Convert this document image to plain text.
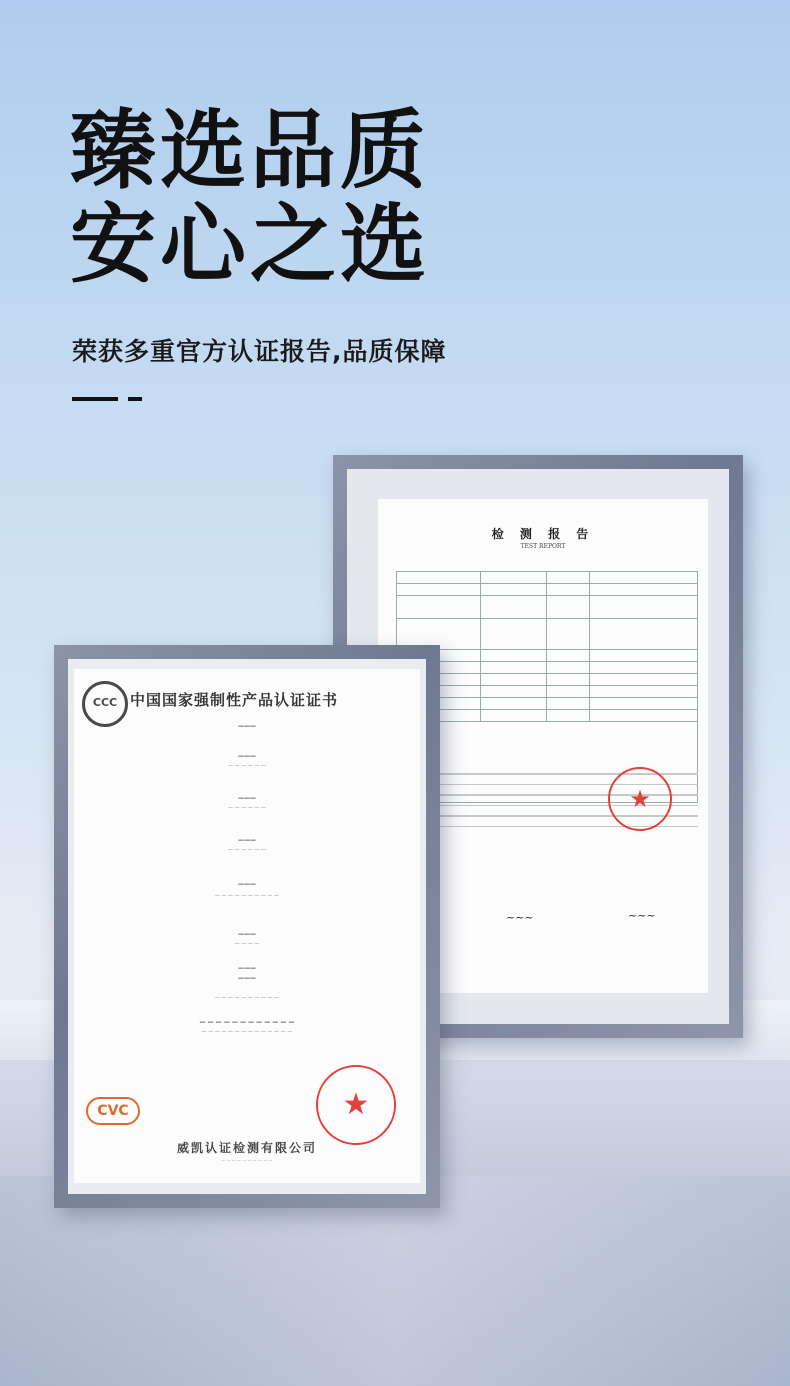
臻选品质
安心之选
荣获多重官方认证报告,品质保障
检 测 报 告
TEST REPORT

★
~~~	~~~
CCC
中国国家强制性产品认证证书
———
———
— — — — — —
———
— — — — — —
———
— — — — — —
———
— — — — — — — — — —
———
— — — —
———
———
— — — — — — — — — —
— — — — — — — — — — — —
— — — — — — — — — — — — — —
CVC	★
威凯认证检测有限公司
— — — — — — — — — —
